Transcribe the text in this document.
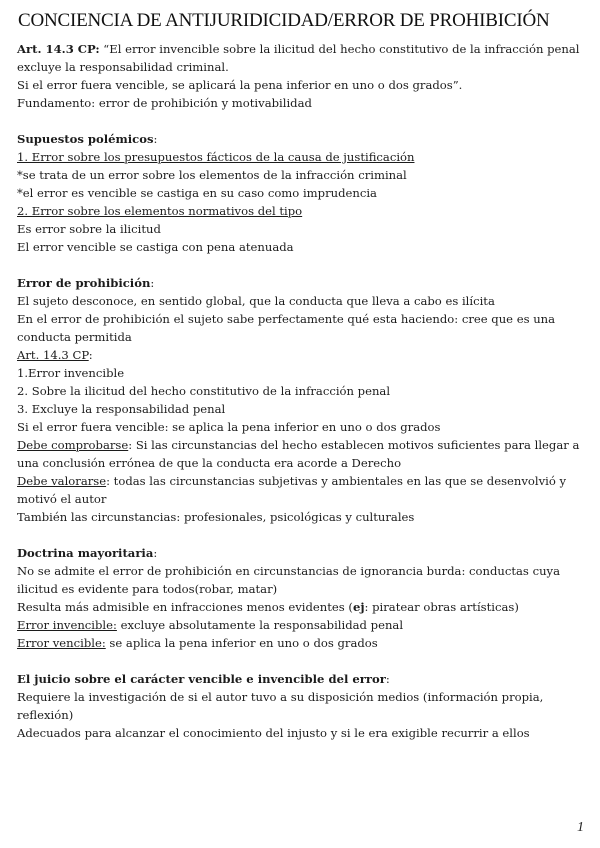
CONCIENCIA DE ANTIJURIDICIDAD/ERROR DE PROHIBICIÓN

Art. 14.3 CP: “El error invencible sobre la ilicitud del hecho constitutivo de la infracción penal excluye la responsabilidad criminal.

Si el error fuera vencible, se aplicará la pena inferior en uno o dos grados”.

Fundamento: error de prohibición y motivabilidad

Supuestos polémicos:

1. Error sobre los presupuestos fácticos de la causa de justificación

*se trata de un error sobre los elementos de la infracción criminal

*el error es vencible se castiga en su caso como imprudencia

2. Error sobre los elementos normativos del tipo

Es error sobre la ilicitud

El error vencible se castiga con pena atenuada

Error de prohibición:

El sujeto desconoce, en sentido global, que la conducta que lleva a cabo es ilícita

En el error de prohibición el sujeto sabe perfectamente qué esta haciendo: cree que es una conducta permitida

Art. 14.3 CP:

1.Error invencible

2. Sobre la ilicitud del hecho constitutivo de la infracción penal

3. Excluye la responsabilidad penal

Si el error fuera vencible: se aplica la pena inferior en uno o dos grados

Debe comprobarse: Si las circunstancias del hecho establecen motivos suficientes para llegar a una conclusión errónea de que la conducta era acorde a Derecho

Debe valorarse: todas las circunstancias subjetivas y ambientales en las que se desenvolvió y motivó el autor

También las circunstancias: profesionales, psicológicas y culturales

Doctrina mayoritaria:

No se admite el error de prohibición en circunstancias de ignorancia burda: conductas cuya ilicitud es evidente para todos(robar, matar)

Resulta más admisible en infracciones menos evidentes (ej: piratear obras artísticas)

Error invencible: excluye absolutamente la responsabilidad penal

Error vencible: se aplica la pena inferior en uno o dos grados

El juicio sobre el carácter vencible e invencible del error:

Requiere la investigación de si el autor tuvo a su disposición medios (información propia, reflexión)

Adecuados para alcanzar el conocimiento del injusto y si le era exigible recurrir a ellos

1
